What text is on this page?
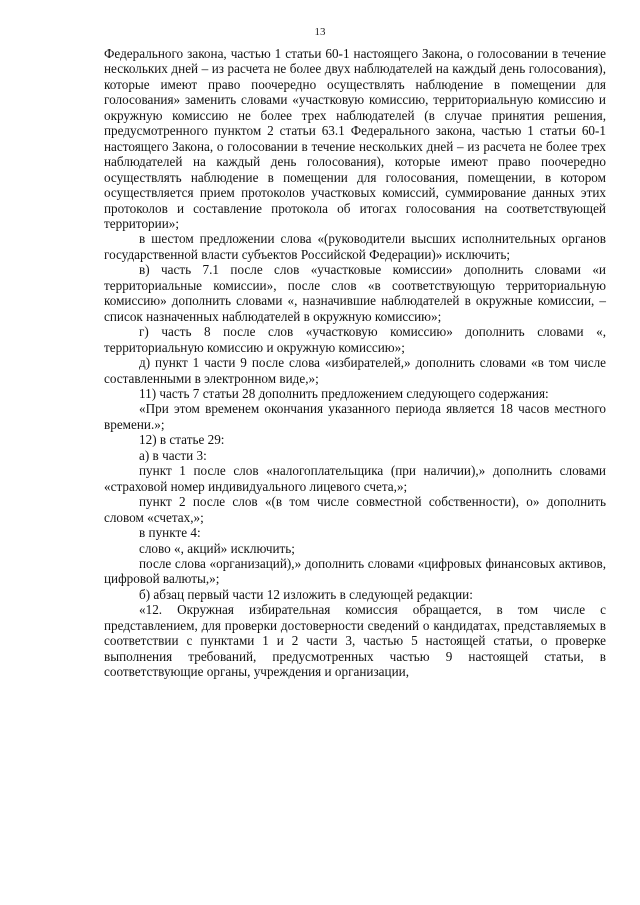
13

Федерального закона, частью 1 статьи 60-1 настоящего Закона, о голосовании в течение нескольких дней – из расчета не более двух наблюдателей на каждый день голосования), которые имеют право поочередно осуществлять наблюдение в помещении для голосования» заменить словами «участковую комиссию, территориальную комиссию и окружную комиссию не более трех наблюдателей (в случае принятия решения, предусмотренного пунктом 2 статьи 63.1 Федерального закона, частью 1 статьи 60-1 настоящего Закона, о голосовании в течение нескольких дней – из расчета не более трех наблюдателей на каждый день голосования), которые имеют право поочередно осуществлять наблюдение в помещении для голосования, помещении, в котором осуществляется прием протоколов участковых комиссий, суммирование данных этих протоколов и составление протокола об итогах голосования на соответствующей территории»;

в шестом предложении слова «(руководители высших исполнительных органов государственной власти субъектов Российской Федерации)» исключить;

в) часть 7.1 после слов «участковые комиссии» дополнить словами «и территориальные комиссии», после слов «в соответствующую территориальную комиссию» дополнить словами «, назначившие наблюдателей в окружные комиссии, – список назначенных наблюдателей в окружную комиссию»;

г) часть 8 после слов «участковую комиссию» дополнить словами «, территориальную комиссию и окружную комиссию»;

д) пункт 1 части 9 после слова «избирателей,» дополнить словами «в том числе составленными в электронном виде,»;

11) часть 7 статьи 28 дополнить предложением следующего содержания:

«При этом временем окончания указанного периода является 18 часов местного времени.»;

12) в статье 29:

а) в части 3:

пункт 1 после слов «налогоплательщика (при наличии),» дополнить словами «страховой номер индивидуального лицевого счета,»;

пункт 2 после слов «(в том числе совместной собственности), о» дополнить словом «счетах,»;

в пункте 4:

слово «, акций» исключить;

после слова «организаций),» дополнить словами «цифровых финансовых активов, цифровой валюты,»;

б) абзац первый части 12 изложить в следующей редакции:

«12. Окружная избирательная комиссия обращается, в том числе с представлением, для проверки достоверности сведений о кандидатах, представляемых в соответствии с пунктами 1 и 2 части 3, частью 5 настоящей статьи, о проверке выполнения требований, предусмотренных частью 9 настоящей статьи, в соответствующие органы, учреждения и организации,
